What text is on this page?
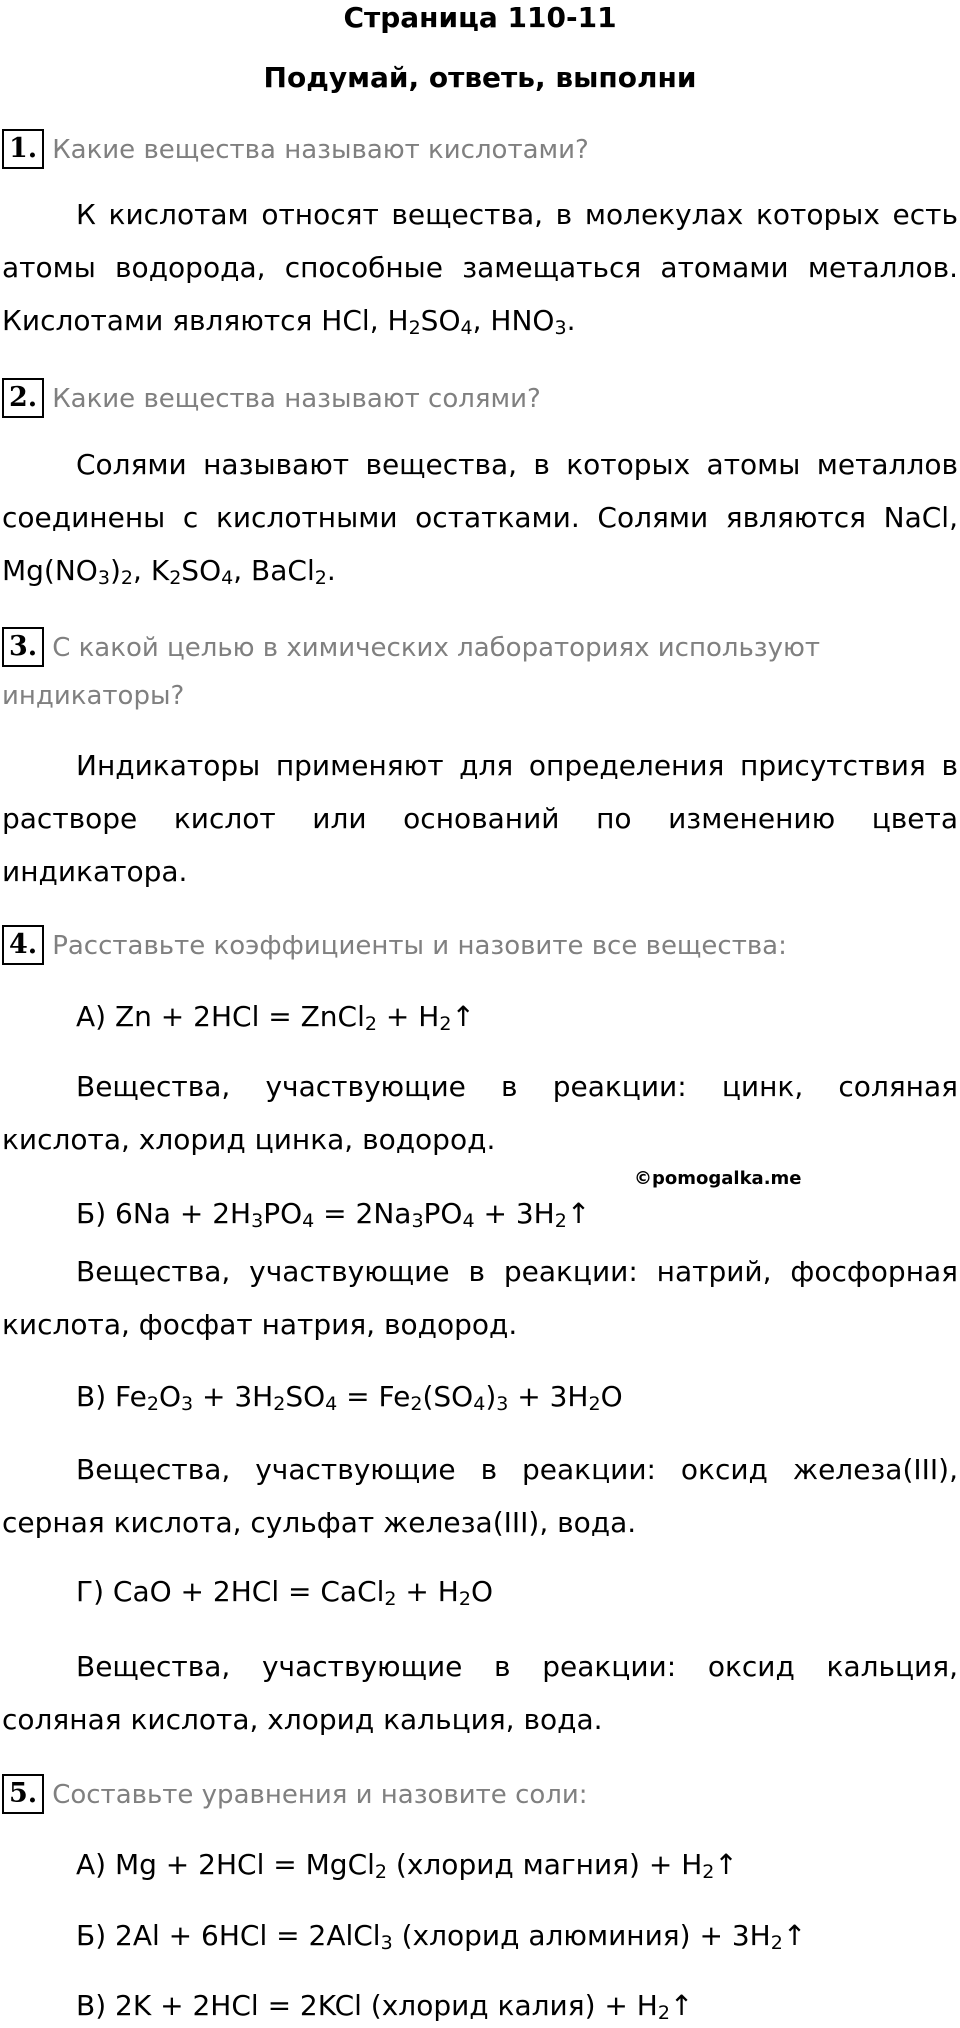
Страница 110-11
Подумай, ответь, выполни

1. Какие вещества называют кислотами?

К кислотам относят вещества, в молекулах которых есть атомы водорода, способные замещаться атомами металлов. Кислотами являются HCl, $H_2SO_4$, $HNO_3$.

2. Какие вещества называют солями?

Солями называют вещества, в которых атомы металлов соединены с кислотными остатками. Солями являются NaCl, $Mg(NO_3)_2$, $K_2SO_4$, BaCl$_2$.

3. С какой целью в химических лабораториях используют индикаторы?

Индикаторы применяют для определения присутствия в растворе кислот или оснований по изменению цвета индикатора.

4. Расставьте коэффициенты и назовите все вещества:

А) Zn + 2HCl = ZnCl$_2$ + $H_2↑$

Вещества, участвующие в реакции: цинк, соляная кислота, хлорид цинка, водород.

Б) $6Na + 2H_3PO_4 = 2Na_3PO_4$ + $3H_2↑$

Вещества, участвующие в реакции: натрий, фосфорная кислота, фосфат натрия, водород.

В) $Fe_2O_3 + 3H_2SO_4 = Fe_2(SO_4)_3 + 3H_2O$

Вещества, участвующие в реакции: оксид железа(III), серная кислота, сульфат железа(III), вода.

Г) CaO + 2HCl = CaCl$_2$ + $H_2O$

Вещества, участвующие в реакции: оксид кальция, соляная кислота, хлорид кальция, вода.

5. Составьте уравнения и назовите соли:

А) Mg + 2HCl = MgCl$_2$ (хлорид магния) + $H_2↑$

Б) 2Al + 6HCl = 2AlCl$_3$ (хлорид алюминия) + $3H_2↑$

В) 2K + 2HCl = 2KCl (хлорид калия) + $H_2↑$

©pomogalka.me
